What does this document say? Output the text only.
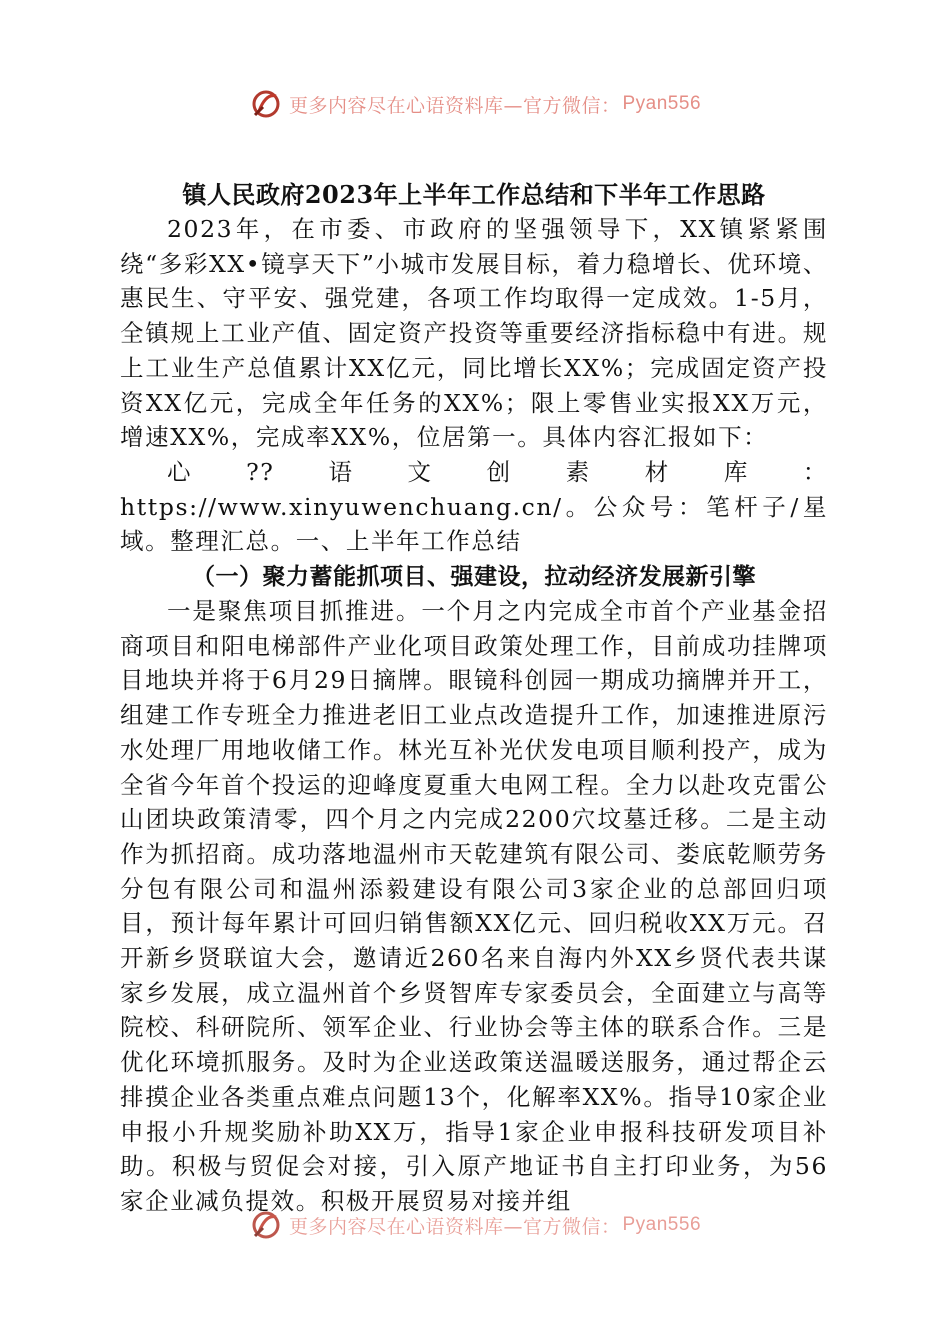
更多内容尽在心语资料库—官方微信： Pyan556

镇人民政府2023年上半年工作总结和下半年工作思路

2023年，在市委、市政府的坚强领导下，XX镇紧紧围绕“多彩XX•镜享天下”小城市发展目标，着力稳增长、优环境、惠民生、守平安、强党建，各项工作均取得一定成效。1-5月，全镇规上工业产值、固定资产投资等重要经济指标稳中有进。规上工业生产总值累计XX亿元，同比增长XX%；完成固定资产投资XX亿元，完成全年任务的XX%；限上零售业实报XX万元，增速XX%，完成率XX%，位居第一。具体内容汇报如下：

心??语文创素材库：https://www.xinyuwenchuang.cn/。公众号：笔杆子/星域。整理汇总。一、上半年工作总结

（一）聚力蓄能抓项目、强建设，拉动经济发展新引擎

一是聚焦项目抓推进。一个月之内完成全市首个产业基金招商项目和阳电梯部件产业化项目政策处理工作，目前成功挂牌项目地块并将于6月29日摘牌。眼镜科创园一期成功摘牌并开工，组建工作专班全力推进老旧工业点改造提升工作，加速推进原污水处理厂用地收储工作。林光互补光伏发电项目顺利投产，成为全省今年首个投运的迎峰度夏重大电网工程。全力以赴攻克雷公山团块政策清零，四个月之内完成2200穴坟墓迁移。二是主动作为抓招商。成功落地温州市天乾建筑有限公司、娄底乾顺劳务分包有限公司和温州添毅建设有限公司3家企业的总部回归项目，预计每年累计可回归销售额XX亿元、回归税收XX万元。召开新乡贤联谊大会，邀请近260名来自海内外XX乡贤代表共谋家乡发展，成立温州首个乡贤智库专家委员会，全面建立与高等院校、科研院所、领军企业、行业协会等主体的联系合作。三是优化环境抓服务。及时为企业送政策送温暖送服务，通过帮企云排摸企业各类重点难点问题13个，化解率XX%。指导10家企业申报小升规奖励补助XX万，指导1家企业申报科技研发项目补助。积极与贸促会对接，引入原产地证书自主打印业务，为56家企业减负提效。积极开展贸易对接并组

更多内容尽在心语资料库—官方微信： Pyan556
